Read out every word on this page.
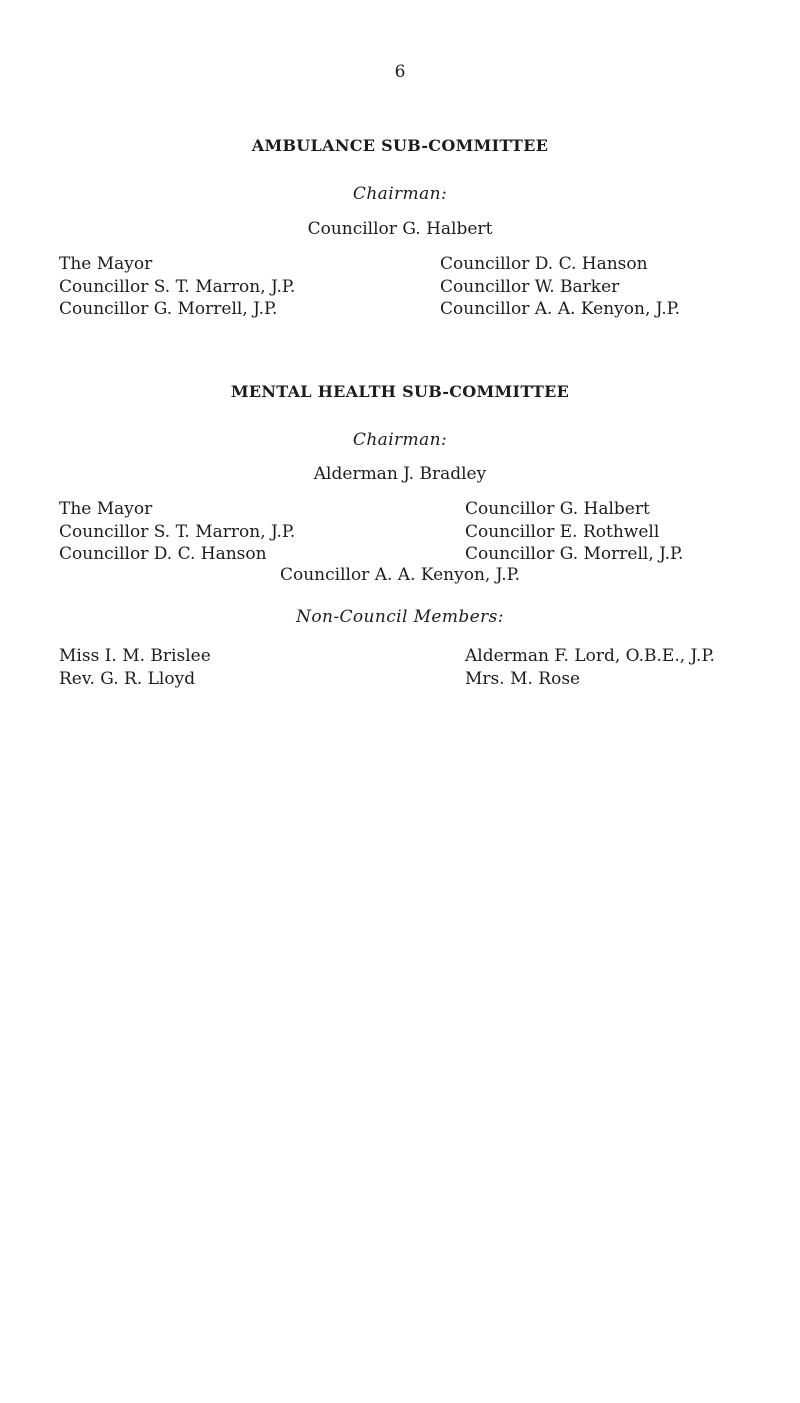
6
AMBULANCE SUB-COMMITTEE
Chairman:
Councillor G. Halbert
The Mayor
Councillor S. T. Marron, J.P.
Councillor G. Morrell, J.P.
Councillor D. C. Hanson
Councillor W. Barker
Councillor A. A. Kenyon, J.P.
MENTAL HEALTH SUB-COMMITTEE
Chairman:
Alderman J. Bradley
The Mayor
Councillor S. T. Marron, J.P.
Councillor D. C. Hanson
Councillor G. Halbert
Councillor E. Rothwell
Councillor G. Morrell, J.P.
Councillor A. A. Kenyon, J.P.
Non-Council Members:
Miss I. M. Brislee
Rev. G. R. Lloyd
Alderman F. Lord, O.B.E., J.P.
Mrs. M. Rose
